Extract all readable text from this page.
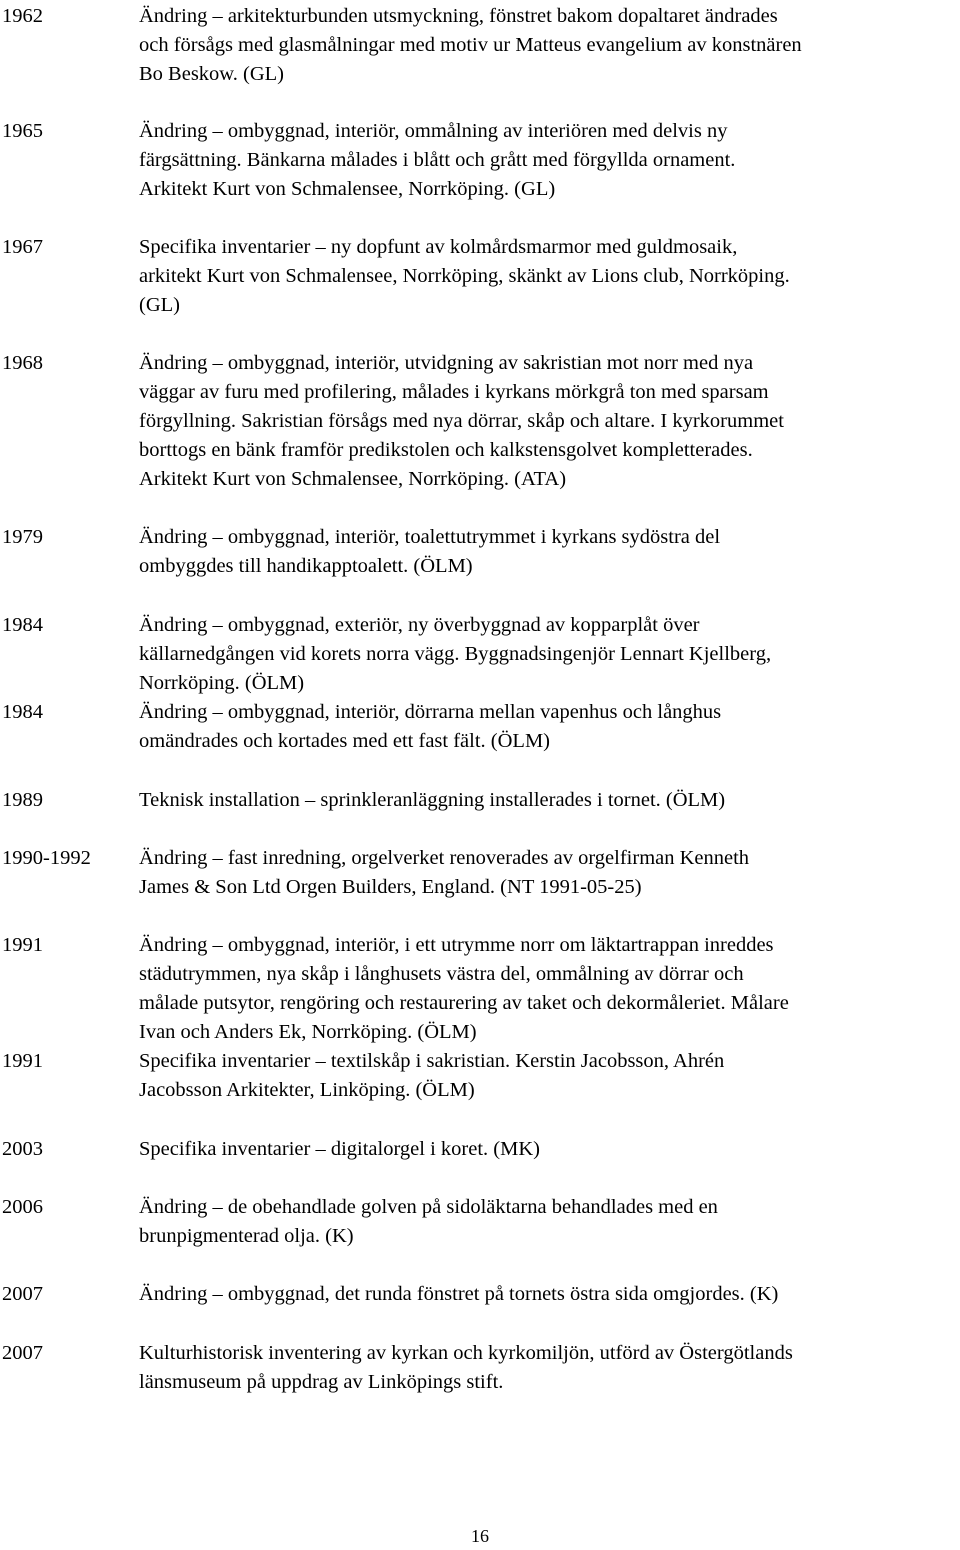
1962	Ändring – arkitekturbunden utsmyckning, fönstret bakom dopaltaret ändrades
och försågs med glasmålningar med motiv ur Matteus evangelium av konstnären
Bo Beskow. (GL)
1965	Ändring – ombyggnad, interiör, ommålning av interiören med delvis ny
färgsättning. Bänkarna målades i blått och grått med förgyllda ornament.
Arkitekt Kurt von Schmalensee, Norrköping. (GL)
1967	Specifika inventarier – ny dopfunt av kolmårdsmarmor med guldmosaik,
arkitekt Kurt von Schmalensee, Norrköping, skänkt av Lions club, Norrköping.
(GL)
1968	Ändring – ombyggnad, interiör, utvidgning av sakristian mot norr med nya
väggar av furu med profilering, målades i kyrkans mörkgrå ton med sparsam
förgyllning. Sakristian försågs med nya dörrar, skåp och altare. I kyrkorummet
borttogs en bänk framför predikstolen och kalkstensgolvet kompletterades.
Arkitekt Kurt von Schmalensee, Norrköping. (ATA)
1979	Ändring – ombyggnad, interiör, toalettutrymmet i kyrkans sydöstra del
ombyggdes till handikapptoalett. (ÖLM)
1984	Ändring – ombyggnad, exteriör, ny överbyggnad av kopparplåt över
källarnedgången vid korets norra vägg. Byggnadsingenjör Lennart Kjellberg,
Norrköping. (ÖLM)
1984	Ändring – ombyggnad, interiör, dörrarna mellan vapenhus och långhus
omändrades och kortades med ett fast fält. (ÖLM)
1989	Teknisk installation – sprinkleranläggning installerades i tornet. (ÖLM)
1990-1992 Ändring – fast inredning, orgelverket renoverades av orgelfirman Kenneth
James & Son Ltd Orgen Builders, England. (NT 1991-05-25)
1991	Ändring – ombyggnad, interiör, i ett utrymme norr om läktartrappan inreddes
städutrymmen, nya skåp i långhusets västra del, ommålning av dörrar och
målade putsytor, rengöring och restaurering av taket och dekormåleriet. Målare
Ivan och Anders Ek, Norrköping. (ÖLM)
1991	Specifika inventarier – textilskåp i sakristian. Kerstin Jacobsson, Ahrén
Jacobsson Arkitekter, Linköping. (ÖLM)
2003	Specifika inventarier – digitalorgel i koret. (MK)
2006	Ändring – de obehandlade golven på sidoläktarna behandlades med en
brunpigmenterad olja. (K)
2007	Ändring – ombyggnad, det runda fönstret på tornets östra sida omgjordes. (K)
2007	Kulturhistorisk inventering av kyrkan och kyrkomiljön, utförd av Östergötlands
länsmuseum på uppdrag av Linköpings stift.
16
